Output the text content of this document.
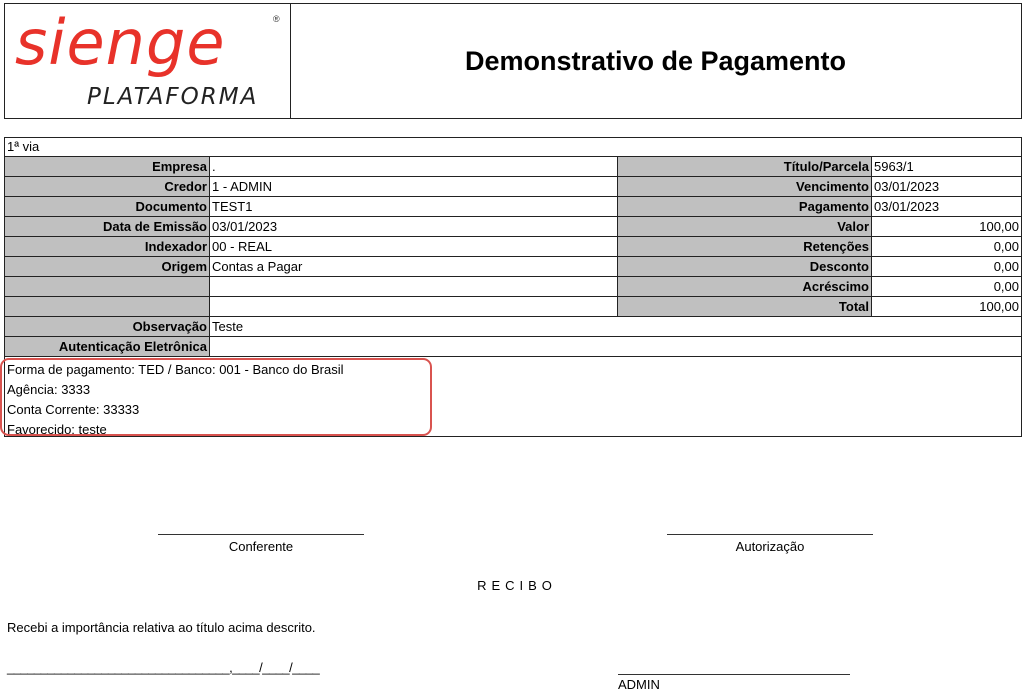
sienge	®
PLATAFORMA
Demonstrativo de Pagamento
1ª via
Empresa .	Título/Parcela 5963/1
Credor 1 - ADMIN	Vencimento 03/01/2023
Documento TEST1	Pagamento 03/01/2023
Data de Emissão 03/01/2023	Valor	100,00
Indexador 00 - REAL	Retenções	0,00
Origem Contas a Pagar	Desconto	0,00
Acréscimo	0,00
Total	100,00
Observação Teste
Autenticação Eletrônica
Forma de pagamento: TED / Banco: 001 - Banco do Brasil
Agência: 3333
Conta Corrente: 33333
Favorecido: teste
Conferente	Autorização
RECIBO
Recebi a importância relativa ao título acima descrito.
_________________________________,____/____/____
ADMIN
